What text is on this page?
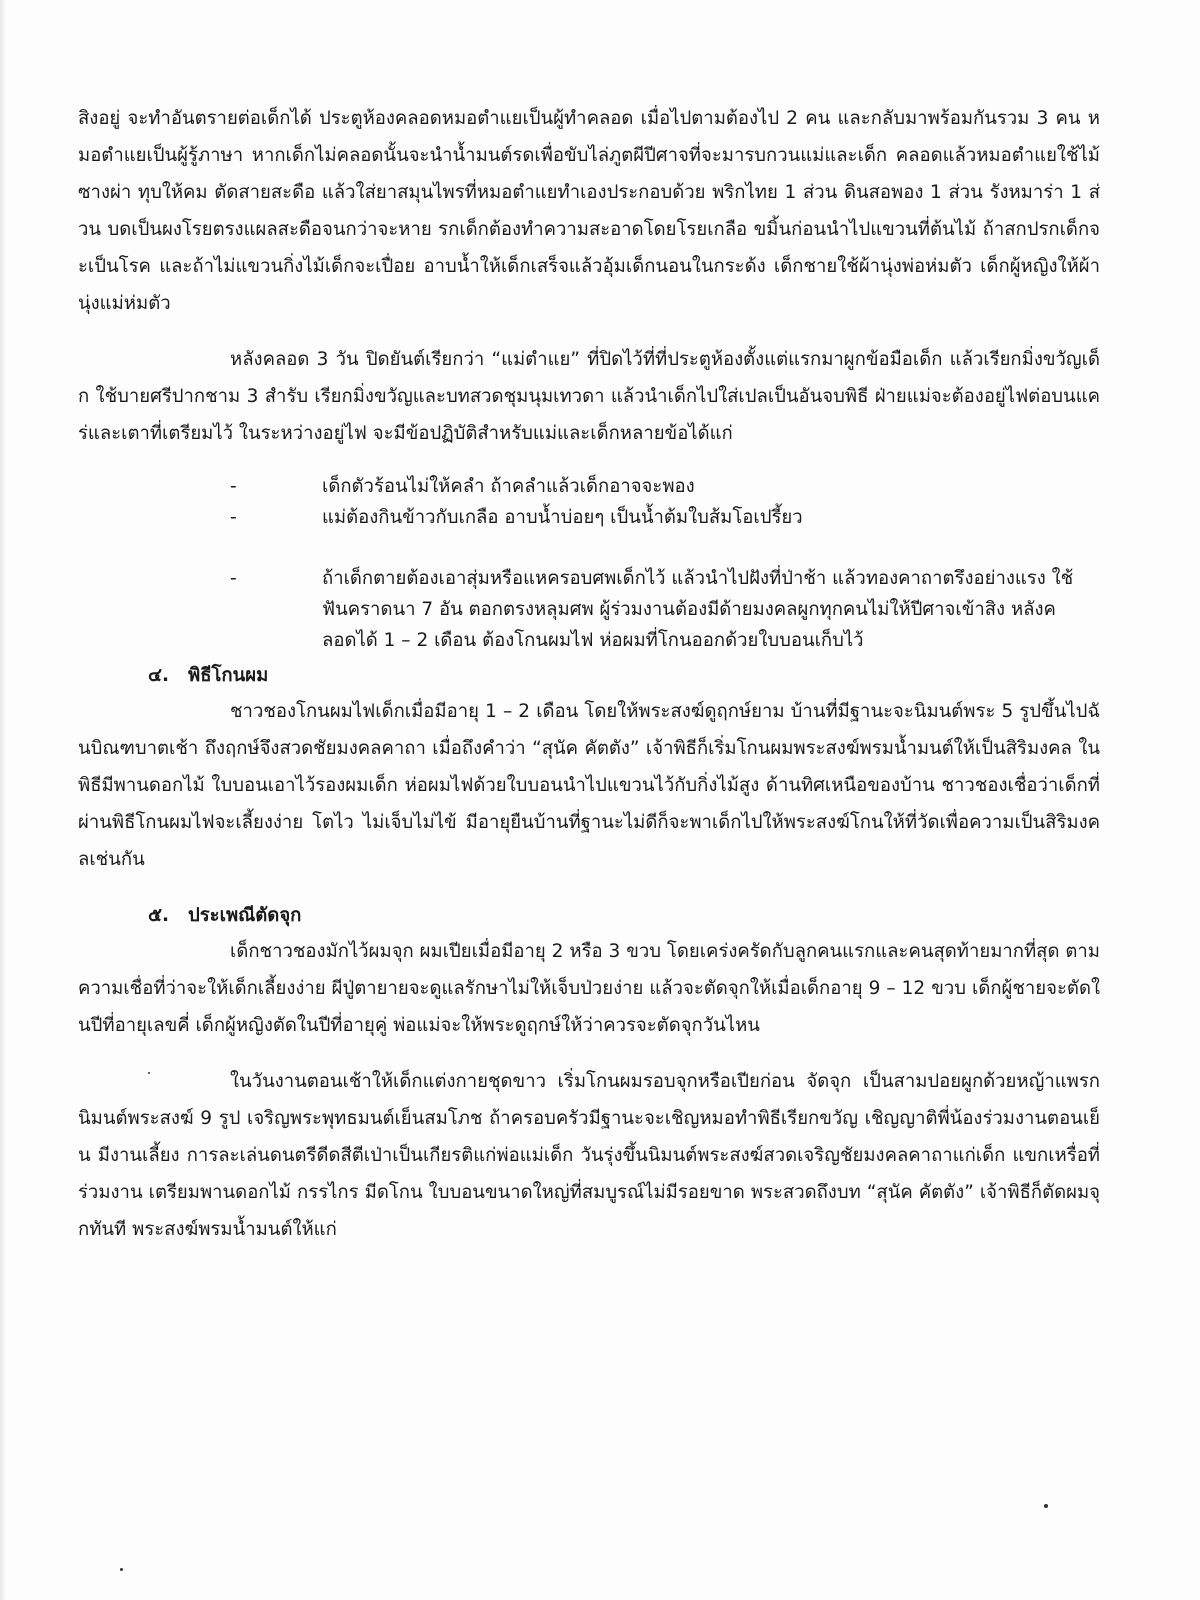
สิงอยู่ จะทำอันตรายต่อเด็กได้ ประตูห้องคลอดหมอตำแยเป็นผู้ทำคลอด เมื่อไปตามต้องไป 2 คน และกลับมาพร้อมกันรวม 3 คน หมอตำแยเป็นผู้รู้ภาษา หากเด็กไม่คลอดนั้นจะนำน้ำมนต์รดเพื่อขับไล่ภูตผีปีศาจที่จะมารบกวนแม่และเด็ก คลอดแล้วหมอตำแยใช้ไม้ซางผ่า ทุบให้คม ตัดสายสะดือ แล้วใส่ยาสมุนไพรที่หมอตำแยทำเองประกอบด้วย พริกไทย 1 ส่วน ดินสอพอง 1 ส่วน รังหมาร่า 1 ส่วน บดเป็นผงโรยตรงแผลสะดือจนกว่าจะหาย รกเด็กต้องทำความสะอาดโดยโรยเกลือ ขมิ้นก่อนนำไปแขวนที่ต้นไม้ ถ้าสกปรกเด็กจะเป็นโรค และถ้าไม่แขวนกิ่งไม้เด็กจะเปื่อย อาบน้ำให้เด็กเสร็จแล้วอุ้มเด็กนอนในกระด้ง เด็กชายใช้ผ้านุ่งพ่อห่มตัว เด็กผู้หญิงให้ผ้านุ่งแม่ห่มตัว

หลังคลอด 3 วัน ปิดยันต์เรียกว่า “แม่ตำแย” ที่ปิดไว้ที่ที่ประตูห้องตั้งแต่แรกมาผูกข้อมือเด็ก แล้วเรียกมิ่งขวัญเด็ก ใช้บายศรีปากชาม 3 สำรับ เรียกมิ่งขวัญและบทสวดชุมนุมเทวดา แล้วนำเด็กไปใส่เปลเป็นอันจบพิธี ฝ่ายแม่จะต้องอยู่ไฟต่อบนแคร่และเตาที่เตรียมไว้ ในระหว่างอยู่ไฟ จะมีข้อปฏิบัติสำหรับแม่และเด็กหลายข้อได้แก่

-	เด็กตัวร้อนไม่ให้คลำ ถ้าคลำแล้วเด็กอาจจะพอง
-	แม่ต้องกินข้าวกับเกลือ อาบน้ำบ่อยๆ เป็นน้ำต้มใบส้มโอเปรี้ยว
-	ถ้าเด็กตายต้องเอาสุ่มหรือแหครอบศพเด็กไว้ แล้วนำไปฝังที่ป่าช้า แล้วทองคาถาตรึงอย่างแรง ใช้ฟันคราดนา 7 อัน ตอกตรงหลุมศพ ผู้ร่วมงานต้องมีด้ายมงคลผูกทุกคนไม่ให้ปีศาจเข้าสิง หลังคลอดได้ 1 – 2 เดือน ต้องโกนผมไฟ ห่อผมที่โกนออกด้วยใบบอนเก็บไว้
๔. พิธีโกนผม

ชาวชองโกนผมไฟเด็กเมื่อมีอายุ 1 – 2 เดือน โดยให้พระสงฆ์ดูฤกษ์ยาม บ้านที่มีฐานะจะนิมนต์พระ 5 รูปขึ้นไปฉันบิณฑบาตเช้า ถึงฤกษ์จึงสวดชัยมงคลคาถา เมื่อถึงคำว่า “สุนัค คัตตัง” เจ้าพิธีก็เริ่มโกนผมพระสงฆ์พรมน้ำมนต์ให้เป็นสิริมงคล ในพิธีมีพานดอกไม้ ใบบอนเอาไว้รองผมเด็ก ห่อผมไฟด้วยใบบอนนำไปแขวนไว้กับกิ่งไม้สูง ด้านทิศเหนือของบ้าน ชาวชองเชื่อว่าเด็กที่ผ่านพิธีโกนผมไฟจะเลี้ยงง่าย โตไว ไม่เจ็บไม่ไข้ มีอายุยืนบ้านที่ฐานะไม่ดีก็จะพาเด็กไปให้พระสงฆ์โกนให้ที่วัดเพื่อความเป็นสิริมงคลเช่นกัน

๕. ประเพณีตัดจุก

เด็กชาวชองมักไว้ผมจุก ผมเปียเมื่อมีอายุ 2 หรือ 3 ขวบ โดยเคร่งครัดกับลูกคนแรกและคนสุดท้ายมากที่สุด ตามความเชื่อที่ว่าจะให้เด็กเลี้ยงง่าย ผีปู่ตายายจะดูแลรักษาไม่ให้เจ็บป่วยง่าย แล้วจะตัดจุกให้เมื่อเด็กอายุ 9 – 12 ขวบ เด็กผู้ชายจะตัดในปีที่อายุเลขคี่ เด็กผู้หญิงตัดในปีที่อายุคู่ พ่อแม่จะให้พระดูฤกษ์ให้ว่าควรจะตัดจุกวันไหน

ในวันงานตอนเช้าให้เด็กแต่งกายชุดขาว เริ่มโกนผมรอบจุกหรือเปียก่อน จัดจุก เป็นสามปอยผูกด้วยหญ้าแพรก นิมนต์พระสงฆ์ 9 รูป เจริญพระพุทธมนต์เย็นสมโภช ถ้าครอบครัวมีฐานะจะเชิญหมอทำพิธีเรียกขวัญ เชิญญาติพี่น้องร่วมงานตอนเย็น มีงานเลี้ยง การละเล่นดนตรีดีดสีตีเป่าเป็นเกียรติแก่พ่อแม่เด็ก วันรุ่งขึ้นนิมนต์พระสงฆ์สวดเจริญชัยมงคลคาถาแก่เด็ก แขกเหรื่อที่ร่วมงาน เตรียมพานดอกไม้ กรรไกร มีดโกน ใบบอนขนาดใหญ่ที่สมบูรณ์ไม่มีรอยขาด พระสวดถึงบท “สุนัค คัตตัง” เจ้าพิธีก็ตัดผมจุกทันที พระสงฆ์พรมน้ำมนต์ให้แก่
